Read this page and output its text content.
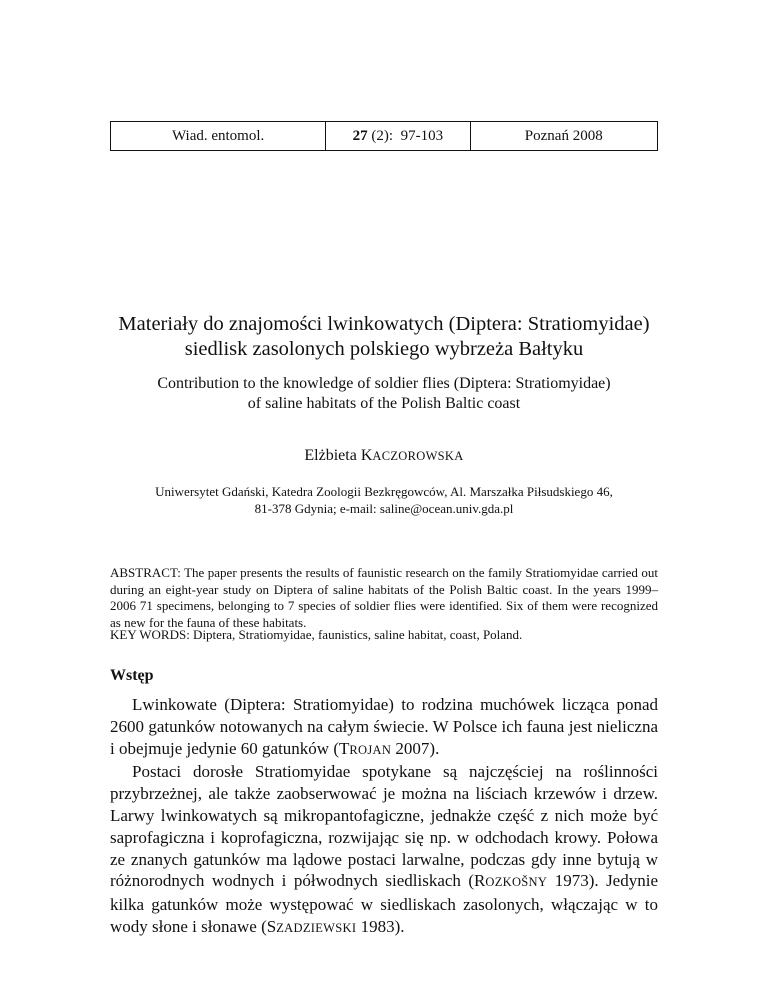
Wiad. entomol.	27 (2):  97-103	Poznań 2008
Materiały do znajomości lwinkowatych (Diptera: Stratiomyidae)
siedlisk zasolonych polskiego wybrzeża Bałtyku
Contribution to the knowledge of soldier flies (Diptera: Stratiomyidae)
of saline habitats of the Polish Baltic coast
Elżbieta KACZOROWSKA
Uniwersytet Gdański, Katedra Zoologii Bezkręgowców, Al. Marszałka Piłsudskiego 46,
81-378 Gdynia; e-mail: saline@ocean.univ.gda.pl

ABSTRACT: The paper presents the results of faunistic research on the family Stratiomyidae carried out during an eight-year study on Diptera of saline habitats of the Polish Baltic coast. In the years 1999–2006 71 specimens, belonging to 7 species of soldier flies were identified. Six of them were recognized as new for the fauna of these habitats.

KEY WORDS: Diptera, Stratiomyidae, faunistics, saline habitat, coast, Poland.

Wstęp

Lwinkowate (Diptera: Stratiomyidae) to rodzina muchówek licząca ponad 2600 gatunków notowanych na całym świecie. W Polsce ich fauna jest nieliczna i obejmuje jedynie 60 gatunków (TROJAN 2007).

Postaci dorosłe Stratiomyidae spotykane są najczęściej na roślinności przybrzeżnej, ale także zaobserwować je można na liściach krzewów i drzew. Larwy lwinkowatych są mikropantofagiczne, jednakże część z nich może być saprofagiczna i koprofagiczna, rozwijając się np. w odchodach krowy. Połowa ze znanych gatunków ma lądowe postaci larwalne, podczas gdy inne bytują w różnorodnych wodnych i półwodnych siedliskach (ROZKOŠNY 1973). Jedynie kilka gatunków może występować w siedliskach zasolonych, włączając w to wody słone i słonawe (SZADZIEWSKI 1983).
